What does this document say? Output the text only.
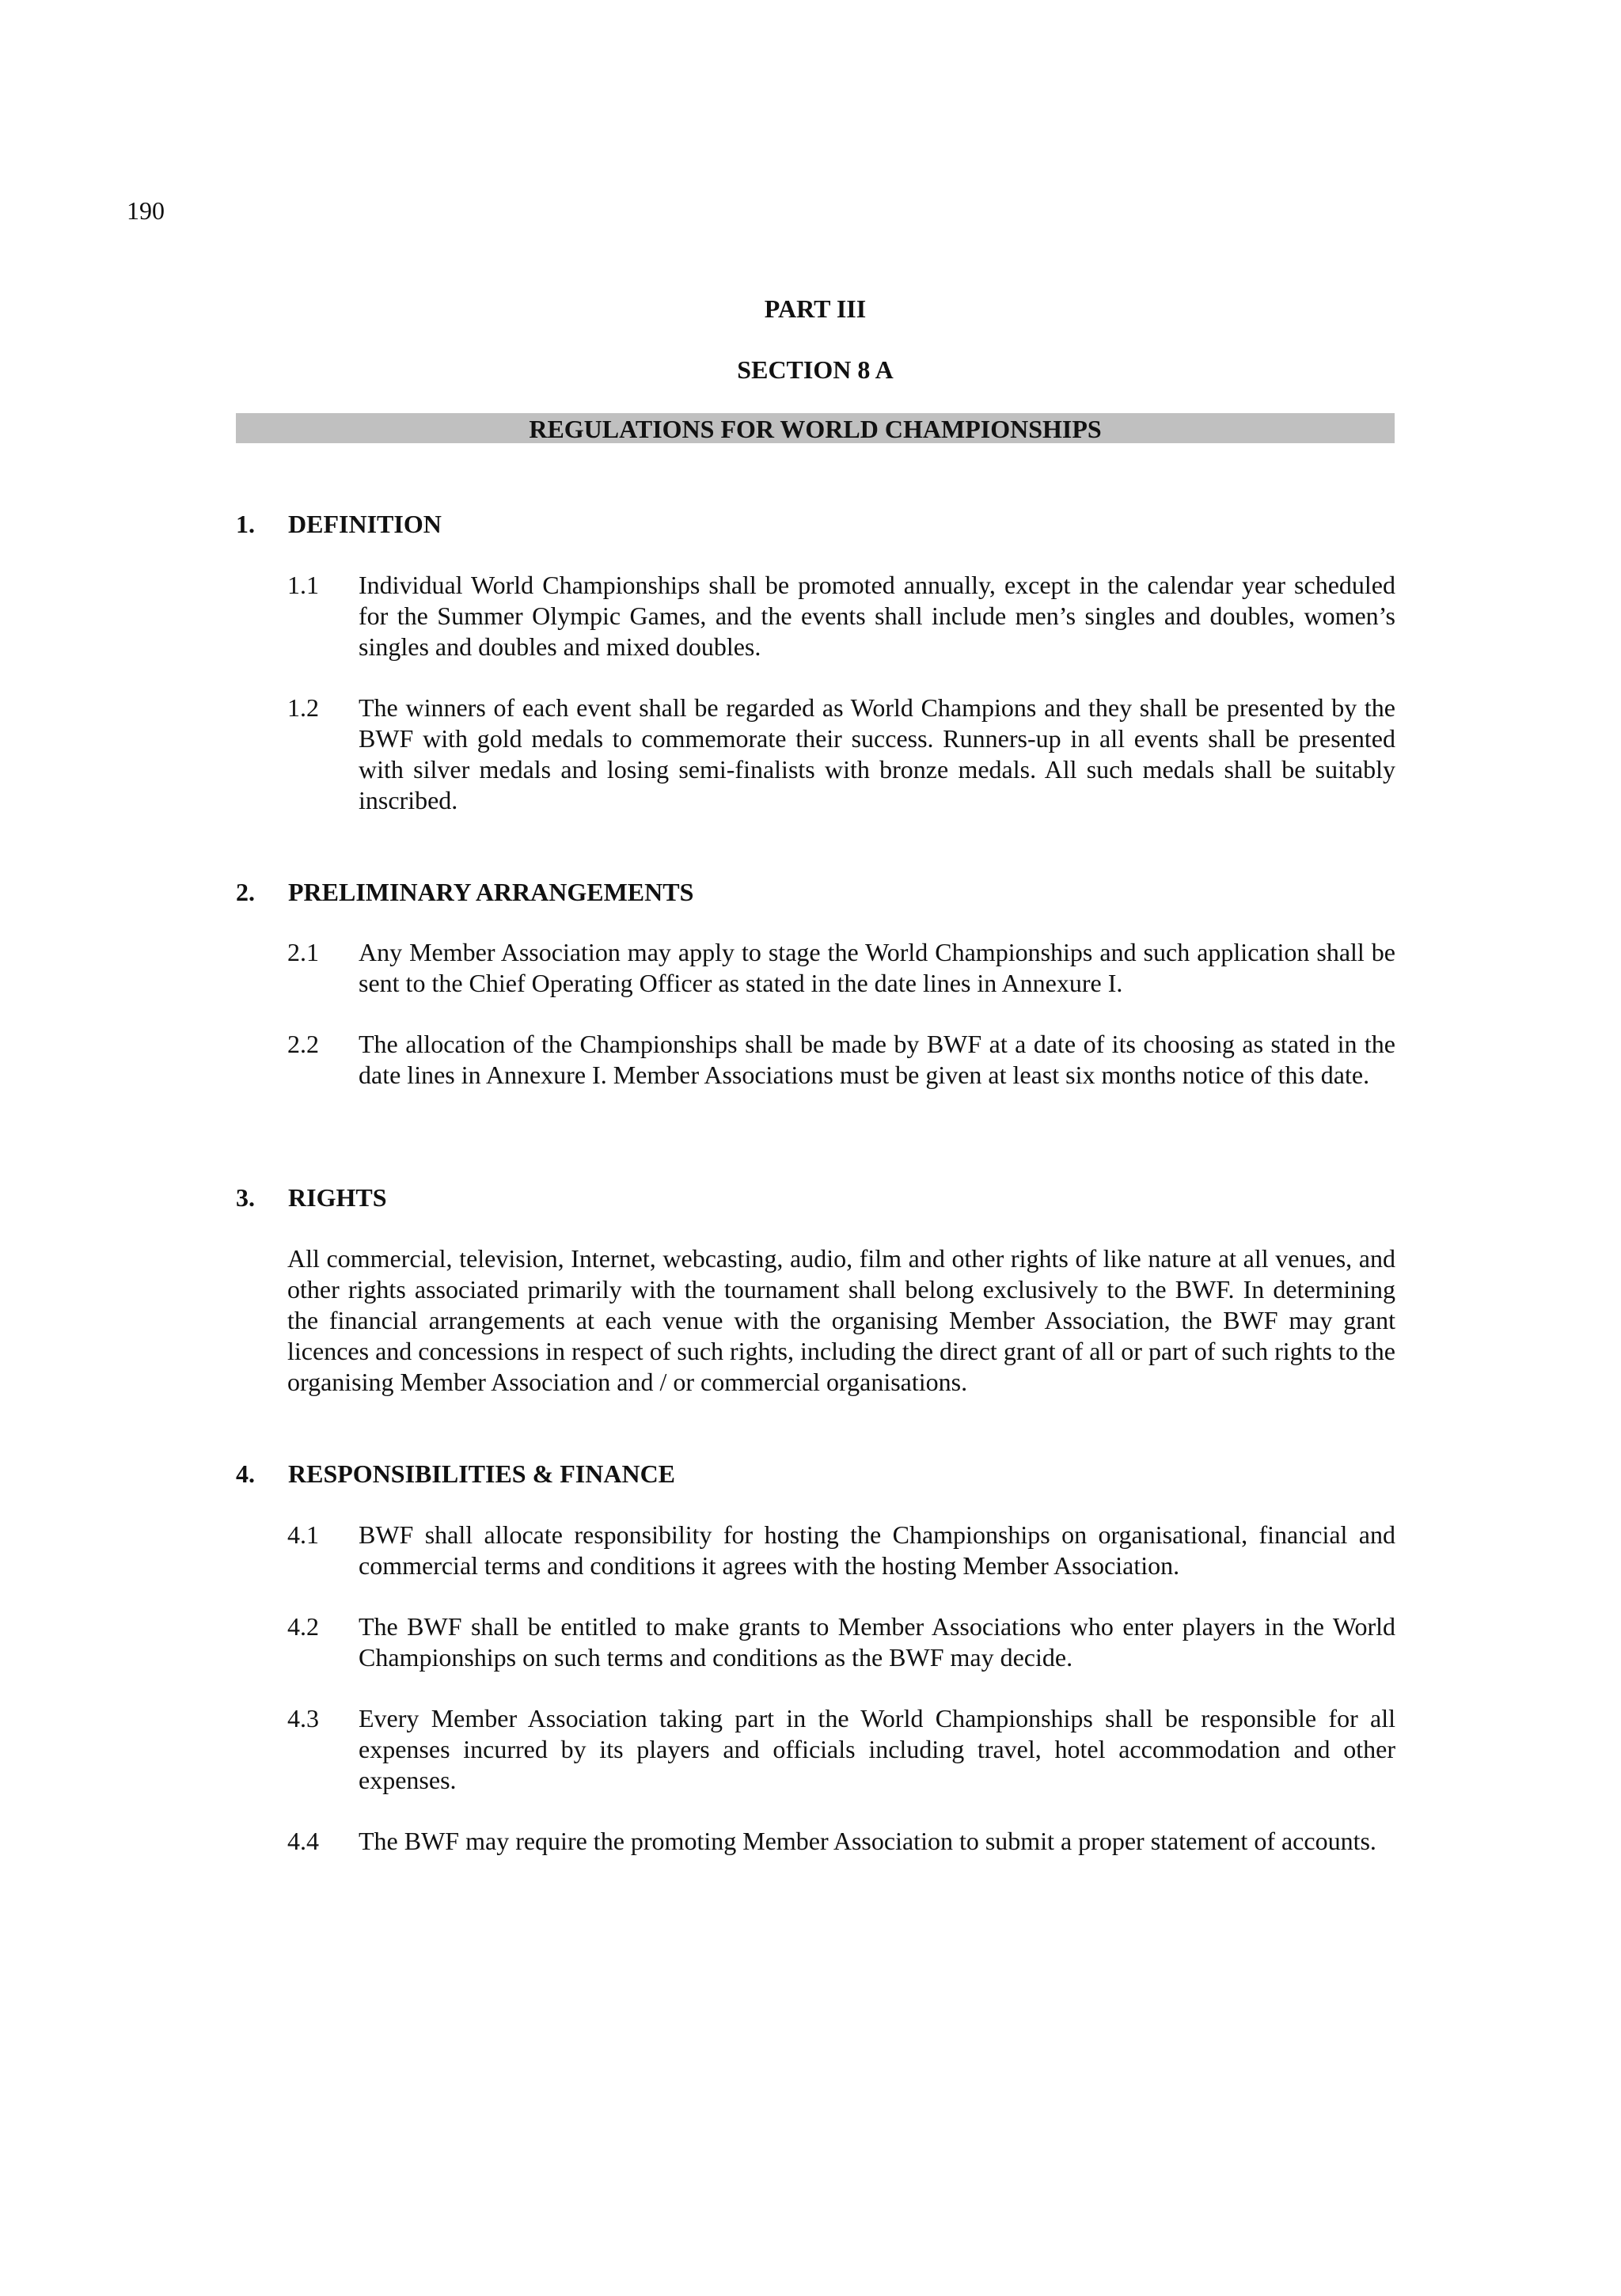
190
PART III
SECTION 8 A
REGULATIONS FOR WORLD CHAMPIONSHIPS
1. DEFINITION
1.1 Individual World Championships shall be promoted annually, except in the calendar year scheduled for the Summer Olympic Games, and the events shall include men’s singles and doubles, women’s singles and doubles and mixed doubles.
1.2 The winners of each event shall be regarded as World Champions and they shall be presented by the BWF with gold medals to commemorate their success. Runners-up in all events shall be presented with silver medals and losing semi-finalists with bronze medals. All such medals shall be suitably inscribed.
2. PRELIMINARY ARRANGEMENTS
2.1 Any Member Association may apply to stage the World Championships and such application shall be sent to the Chief Operating Officer as stated in the date lines in Annexure I.
2.2 The allocation of the Championships shall be made by BWF at a date of its choosing as stated in the date lines in Annexure I. Member Associations must be given at least six months notice of this date.
3. RIGHTS
All commercial, television, Internet, webcasting, audio, film and other rights of like nature at all venues, and other rights associated primarily with the tournament shall belong exclusively to the BWF. In determining the financial arrangements at each venue with the organising Member Association, the BWF may grant licences and concessions in respect of such rights, including the direct grant of all or part of such rights to the organising Member Association and / or commercial organisations.
4. RESPONSIBILITIES & FINANCE
4.1 BWF shall allocate responsibility for hosting the Championships on organisational, financial and commercial terms and conditions it agrees with the hosting Member Association.
4.2 The BWF shall be entitled to make grants to Member Associations who enter players in the World Championships on such terms and conditions as the BWF may decide.
4.3 Every Member Association taking part in the World Championships shall be responsible for all expenses incurred by its players and officials including travel, hotel accommodation and other expenses.
4.4 The BWF may require the promoting Member Association to submit a proper statement of accounts.
